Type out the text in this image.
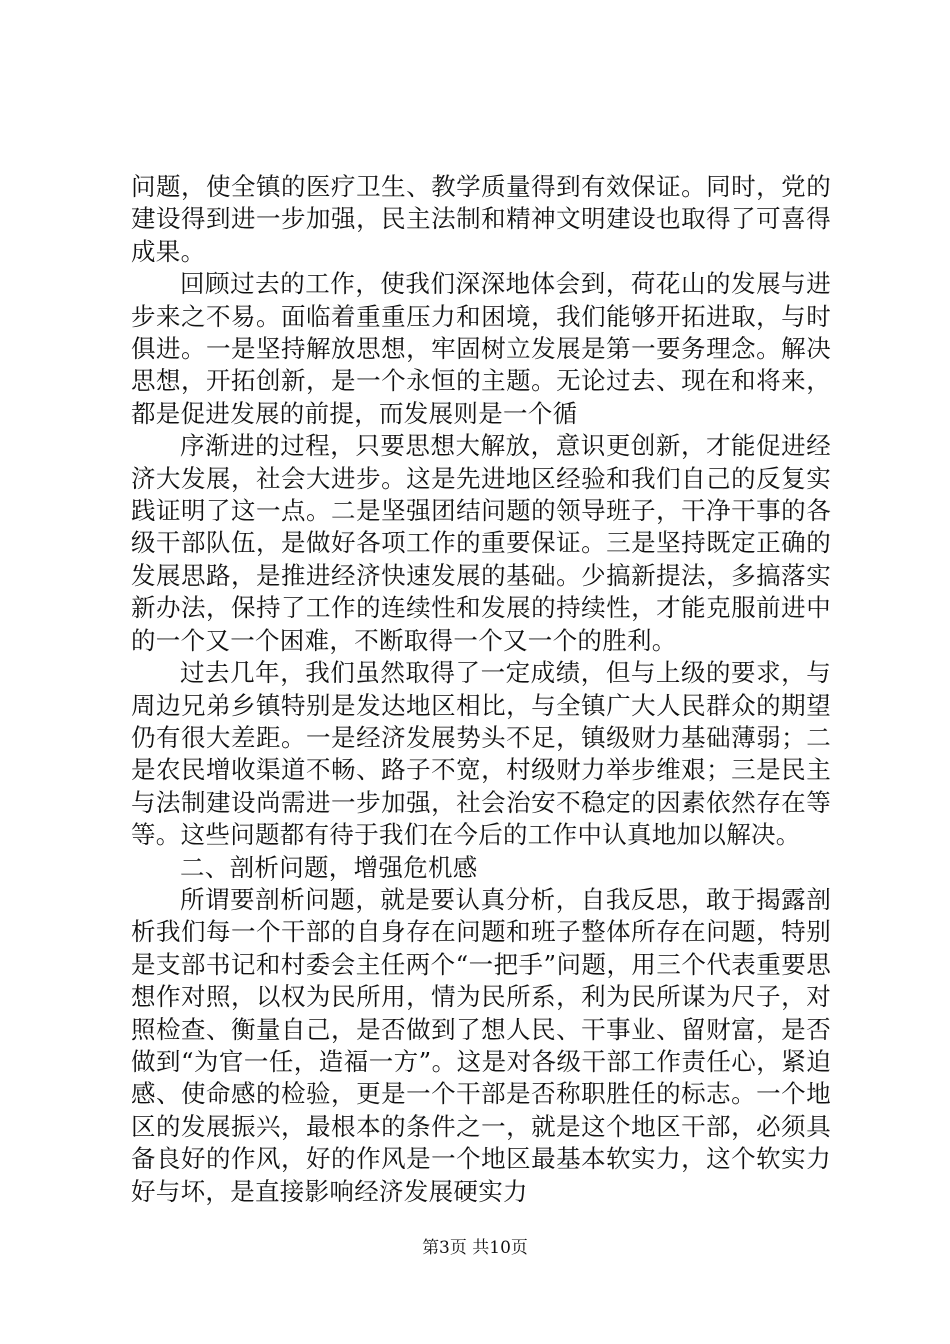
问题，使全镇的医疗卫生、教学质量得到有效保证。同时，党的建设得到进一步加强，民主法制和精神文明建设也取得了可喜得成果。

回顾过去的工作，使我们深深地体会到，荷花山的发展与进步来之不易。面临着重重压力和困境，我们能够开拓进取，与时俱进。一是坚持解放思想，牢固树立发展是第一要务理念。解决思想，开拓创新，是一个永恒的主题。无论过去、现在和将来，都是促进发展的前提，而发展则是一个循

序渐进的过程，只要思想大解放，意识更创新，才能促进经济大发展，社会大进步。这是先进地区经验和我们自己的反复实践证明了这一点。二是坚强团结问题的领导班子，干净干事的各级干部队伍，是做好各项工作的重要保证。三是坚持既定正确的发展思路，是推进经济快速发展的基础。少搞新提法，多搞落实新办法，保持了工作的连续性和发展的持续性，才能克服前进中的一个又一个困难，不断取得一个又一个的胜利。

过去几年，我们虽然取得了一定成绩，但与上级的要求，与周边兄弟乡镇特别是发达地区相比，与全镇广大人民群众的期望仍有很大差距。一是经济发展势头不足，镇级财力基础薄弱；二是农民增收渠道不畅、路子不宽，村级财力举步维艰；三是民主与法制建设尚需进一步加强，社会治安不稳定的因素依然存在等等。这些问题都有待于我们在今后的工作中认真地加以解决。

二、剖析问题，增强危机感

所谓要剖析问题，就是要认真分析，自我反思，敢于揭露剖析我们每一个干部的自身存在问题和班子整体所存在问题，特别是支部书记和村委会主任两个“一把手”问题，用三个代表重要思想作对照，以权为民所用，情为民所系，利为民所谋为尺子，对照检查、衡量自己，是否做到了想人民、干事业、留财富，是否做到“为官一任，造福一方”。这是对各级干部工作责任心，紧迫感、使命感的检验，更是一个干部是否称职胜任的标志。一个地区的发展振兴，最根本的条件之一，就是这个地区干部，必须具备良好的作风，好的作风是一个地区最基本软实力，这个软实力好与坏，是直接影响经济发展硬实力

第3页 共10页
